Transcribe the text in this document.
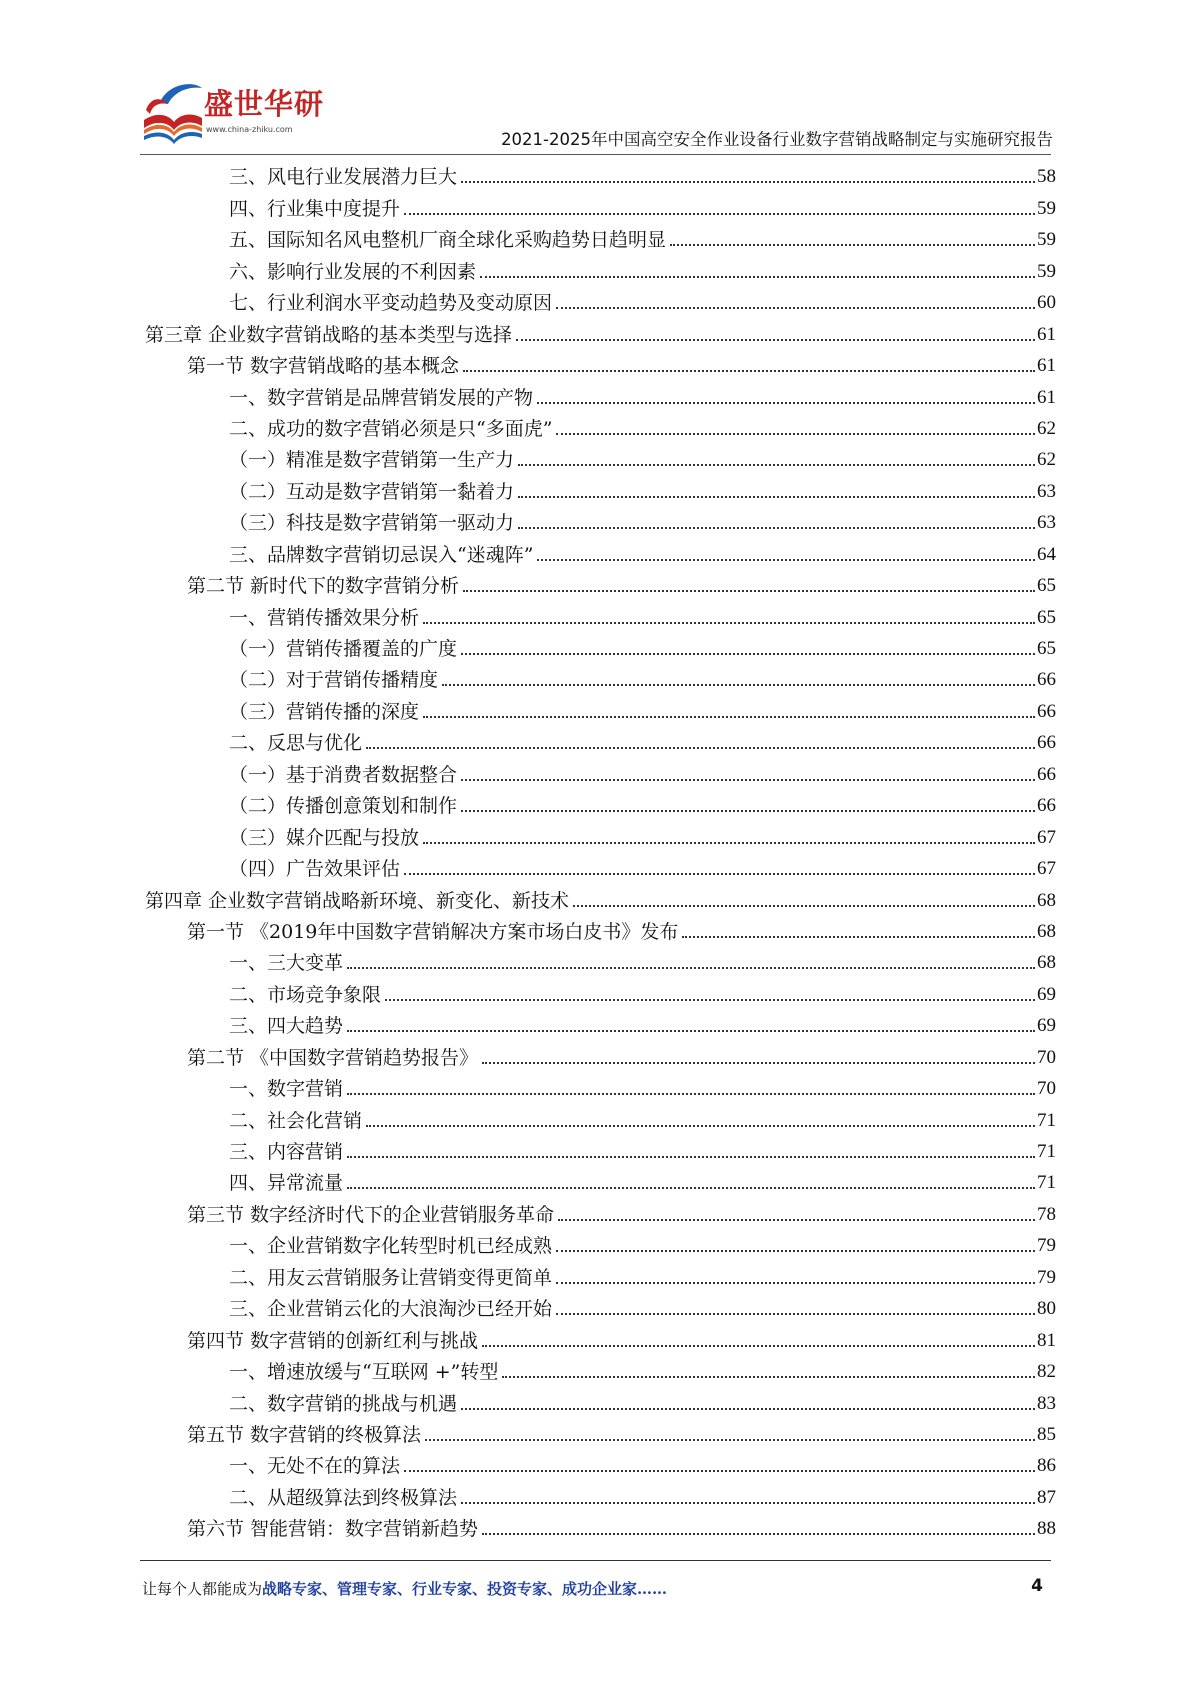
盛世华研
www.china-zhiku.com
2021-2025年中国高空安全作业设备行业数字营销战略制定与实施研究报告
三、风电行业发展潜力巨大	58
四、行业集中度提升	59
五、国际知名风电整机厂商全球化采购趋势日趋明显	59
六、影响行业发展的不利因素	59
七、行业利润水平变动趋势及变动原因	60
第三章 企业数字营销战略的基本类型与选择	61
第一节 数字营销战略的基本概念	61
一、数字营销是品牌营销发展的产物	61
二、成功的数字营销必须是只“多面虎”	62
（一）精准是数字营销第一生产力	62
（二）互动是数字营销第一黏着力	63
（三）科技是数字营销第一驱动力	63
三、品牌数字营销切忌误入“迷魂阵”	64
第二节 新时代下的数字营销分析	65
一、营销传播效果分析	65
（一）营销传播覆盖的广度	65
（二）对于营销传播精度	66
（三）营销传播的深度	66
二、反思与优化	66
（一）基于消费者数据整合	66
（二）传播创意策划和制作	66
（三）媒介匹配与投放	67
（四）广告效果评估	67
第四章 企业数字营销战略新环境、新变化、新技术	68
第一节 《2019年中国数字营销解决方案市场白皮书》发布	68
一、三大变革	68
二、市场竞争象限	69
三、四大趋势	69
第二节 《中国数字营销趋势报告》	70
一、数字营销	70
二、社会化营销	71
三、内容营销	71
四、异常流量	71
第三节 数字经济时代下的企业营销服务革命	78
一、企业营销数字化转型时机已经成熟	79
二、用友云营销服务让营销变得更简单	79
三、企业营销云化的大浪淘沙已经开始	80
第四节 数字营销的创新红利与挑战	81
一、增速放缓与“互联网 +”转型	82
二、数字营销的挑战与机遇	83
第五节 数字营销的终极算法	85
一、无处不在的算法	86
二、从超级算法到终极算法	87
第六节 智能营销：数字营销新趋势	88
让每个人都能成为战略专家、管理专家、行业专家、投资专家、成功企业家……	4
